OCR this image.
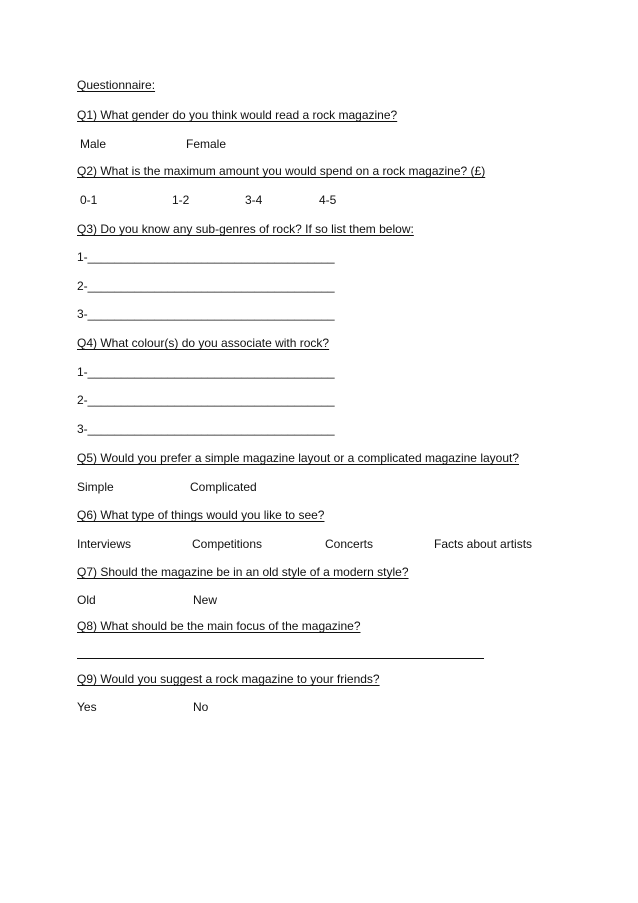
Questionnaire:
Q1) What gender do you think would read a rock magazine?
Male	Female
Q2) What is the maximum amount you would spend on a rock magazine? (£)
0-1	1-2	3-4	4-5
Q3) Do you know any sub-genres of rock? If so list them below:
1-_____________________________________
2-_____________________________________
3-_____________________________________
Q4) What colour(s) do you associate with rock?
1-_____________________________________
2-_____________________________________
3-_____________________________________
Q5) Would you prefer a simple magazine layout or a complicated magazine layout?
Simple	Complicated
Q6) What type of things would you like to see?
Interviews	Competitions	Concerts	Facts about artists
Q7) Should the magazine be in an old style of a modern style?
Old	New
Q8) What should be the main focus of the magazine?
Q9) Would you suggest a rock magazine to your friends?
Yes	No
